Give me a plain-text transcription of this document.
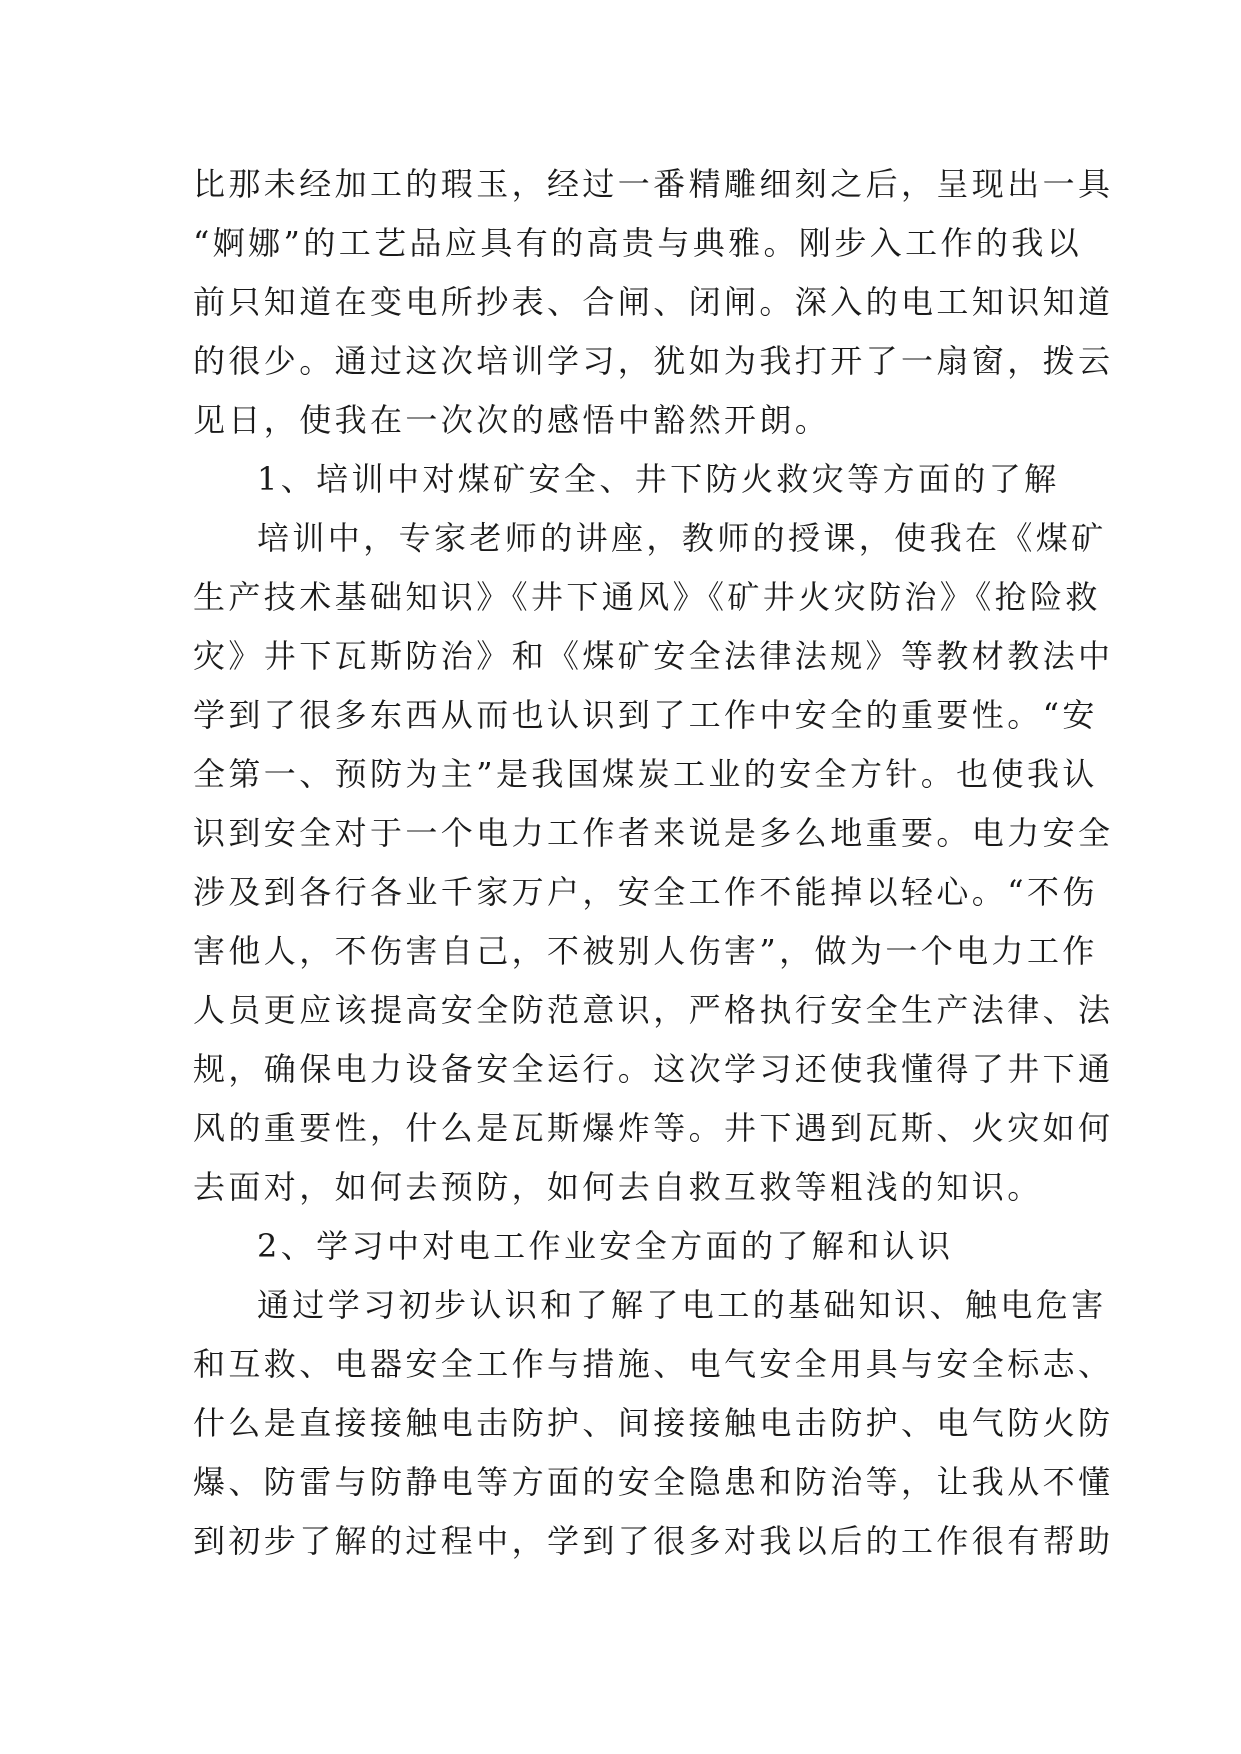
比那未经加工的瑕玉，经过一番精雕细刻之后，呈现出一具
“婀娜”的工艺品应具有的高贵与典雅。刚步入工作的我以
前只知道在变电所抄表、合闸、闭闸。深入的电工知识知道
的很少。通过这次培训学习，犹如为我打开了一扇窗，拨云
见日，使我在一次次的感悟中豁然开朗。
1、培训中对煤矿安全、井下防火救灾等方面的了解
培训中，专家老师的讲座，教师的授课，使我在《煤矿
生产技术基础知识》《井下通风》《矿井火灾防治》《抢险救
灾》井下瓦斯防治》和《煤矿安全法律法规》等教材教法中
学到了很多东西从而也认识到了工作中安全的重要性。“安
全第一、预防为主”是我国煤炭工业的安全方针。也使我认
识到安全对于一个电力工作者来说是多么地重要。电力安全
涉及到各行各业千家万户，安全工作不能掉以轻心。“不伤
害他人，不伤害自己，不被别人伤害”，做为一个电力工作
人员更应该提高安全防范意识，严格执行安全生产法律、法
规，确保电力设备安全运行。这次学习还使我懂得了井下通
风的重要性，什么是瓦斯爆炸等。井下遇到瓦斯、火灾如何
去面对，如何去预防，如何去自救互救等粗浅的知识。
2、学习中对电工作业安全方面的了解和认识
通过学习初步认识和了解了电工的基础知识、触电危害
和互救、电器安全工作与措施、电气安全用具与安全标志、
什么是直接接触电击防护、间接接触电击防护、电气防火防
爆、防雷与防静电等方面的安全隐患和防治等，让我从不懂
到初步了解的过程中，学到了很多对我以后的工作很有帮助
